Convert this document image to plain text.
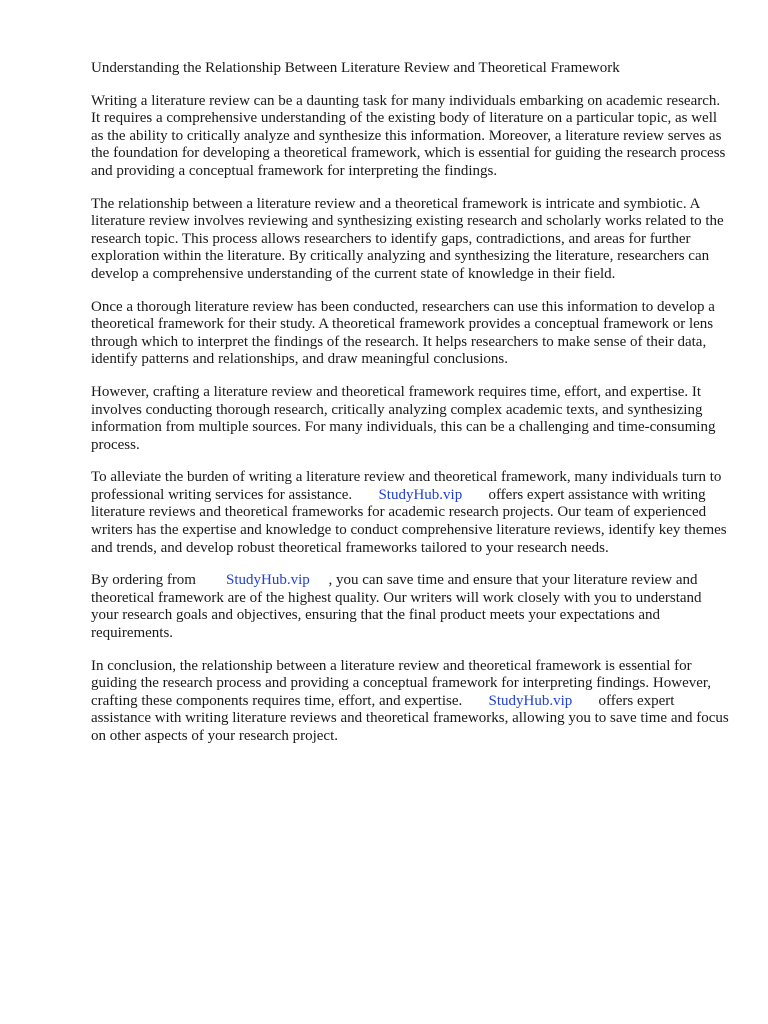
Understanding the Relationship Between Literature Review and Theoretical Framework

Writing a literature review can be a daunting task for many individuals embarking on academic research. It requires a comprehensive understanding of the existing body of literature on a particular topic, as well as the ability to critically analyze and synthesize this information. Moreover, a literature review serves as the foundation for developing a theoretical framework, which is essential for guiding the research process and providing a conceptual framework for interpreting the findings.

The relationship between a literature review and a theoretical framework is intricate and symbiotic. A literature review involves reviewing and synthesizing existing research and scholarly works related to the research topic. This process allows researchers to identify gaps, contradictions, and areas for further exploration within the literature. By critically analyzing and synthesizing the literature, researchers can develop a comprehensive understanding of the current state of knowledge in their field.

Once a thorough literature review has been conducted, researchers can use this information to develop a theoretical framework for their study. A theoretical framework provides a conceptual framework or lens through which to interpret the findings of the research. It helps researchers to make sense of their data, identify patterns and relationships, and draw meaningful conclusions.

However, crafting a literature review and theoretical framework requires time, effort, and expertise. It involves conducting thorough research, critically analyzing complex academic texts, and synthesizing information from multiple sources. For many individuals, this can be a challenging and time-consuming process.

To alleviate the burden of writing a literature review and theoretical framework, many individuals turn to professional writing services for assistance. StudyHub.vip offers expert assistance with writing literature reviews and theoretical frameworks for academic research projects. Our team of experienced writers has the expertise and knowledge to conduct comprehensive literature reviews, identify key themes and trends, and develop robust theoretical frameworks tailored to your research needs.

By ordering from StudyHub.vip , you can save time and ensure that your literature review and theoretical framework are of the highest quality. Our writers will work closely with you to understand your research goals and objectives, ensuring that the final product meets your expectations and requirements.

In conclusion, the relationship between a literature review and theoretical framework is essential for guiding the research process and providing a conceptual framework for interpreting findings. However, crafting these components requires time, effort, and expertise. StudyHub.vip offers expert assistance with writing literature reviews and theoretical frameworks, allowing you to save time and focus on other aspects of your research project.
